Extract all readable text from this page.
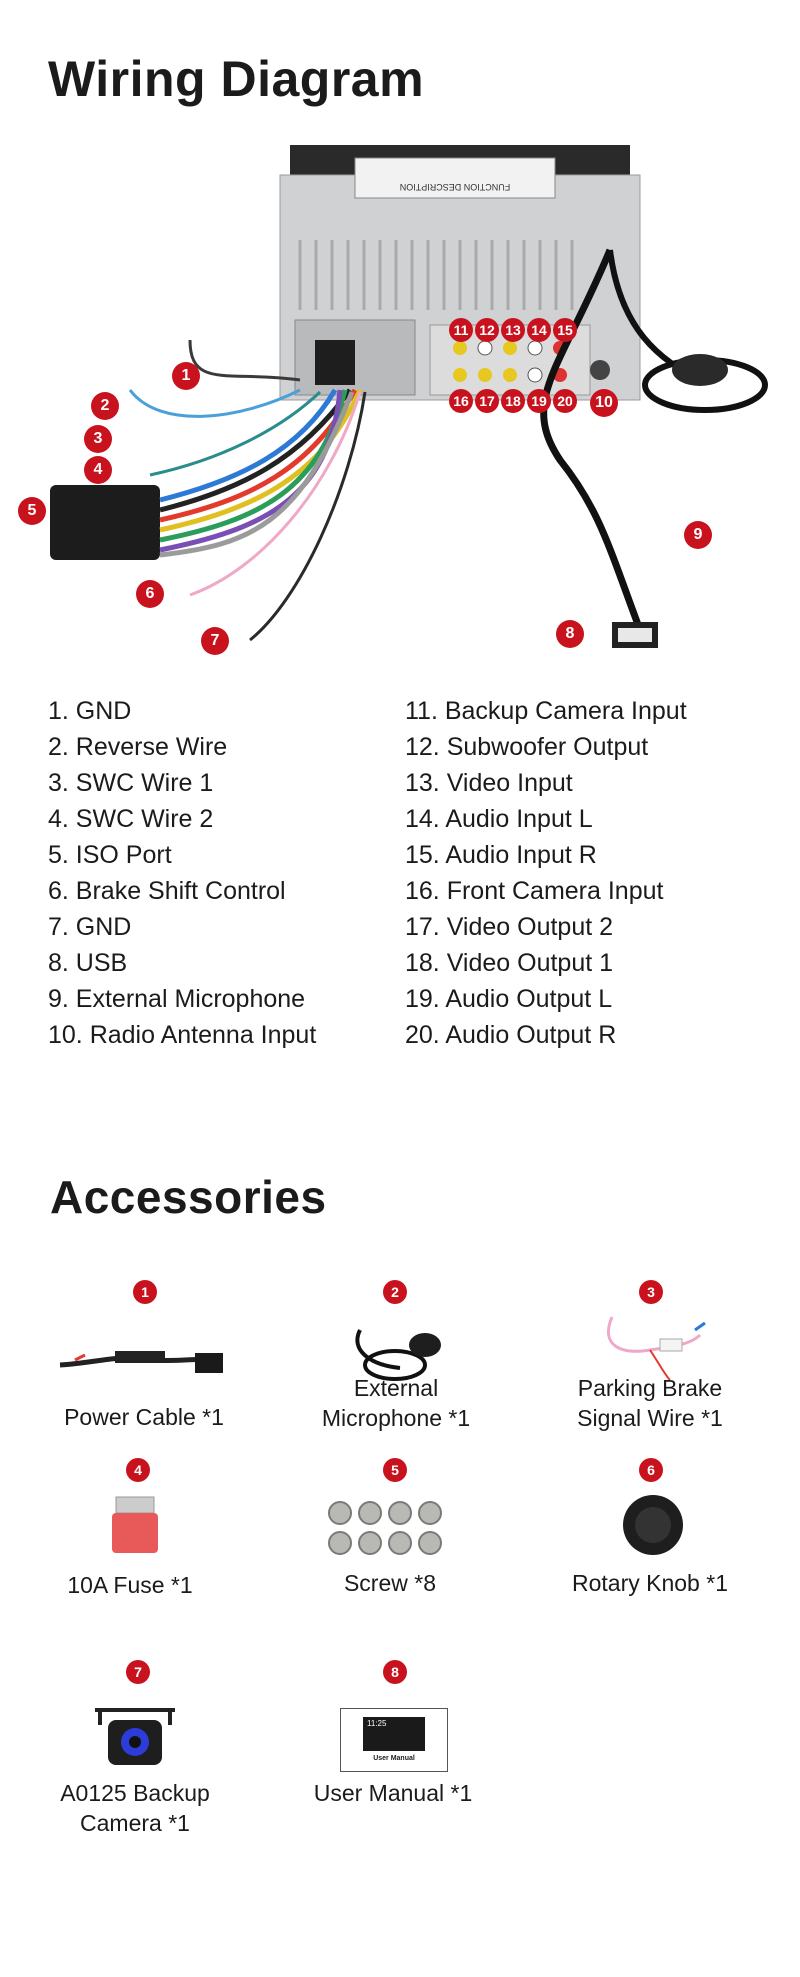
Wiring Diagram
FUNCTION DESCRIPTION
1
2
3
4
5
6
7	8
9
10
11 12 13 14 15
16 17 18 19 20
1. GND
2. Reverse Wire
3. SWC Wire 1
4. SWC Wire 2
5. ISO Port
6. Brake Shift Control
7. GND
8. USB
9. External Microphone
10. Radio Antenna Input
11. Backup Camera Input
12. Subwoofer Output
13. Video Input
14. Audio Input L
15. Audio Input R
16. Front Camera Input
17. Video Output 2
18. Video Output 1
19. Audio Output L
20. Audio Output R
Accessories
1
Power Cable *1
2
External
Microphone *1
3
Parking Brake
Signal Wire *1
4
10A Fuse *1
5
Screw *8
6
Rotary Knob *1
7
A0125 Backup
Camera *1
8
11:25
User Manual
User Manual *1
